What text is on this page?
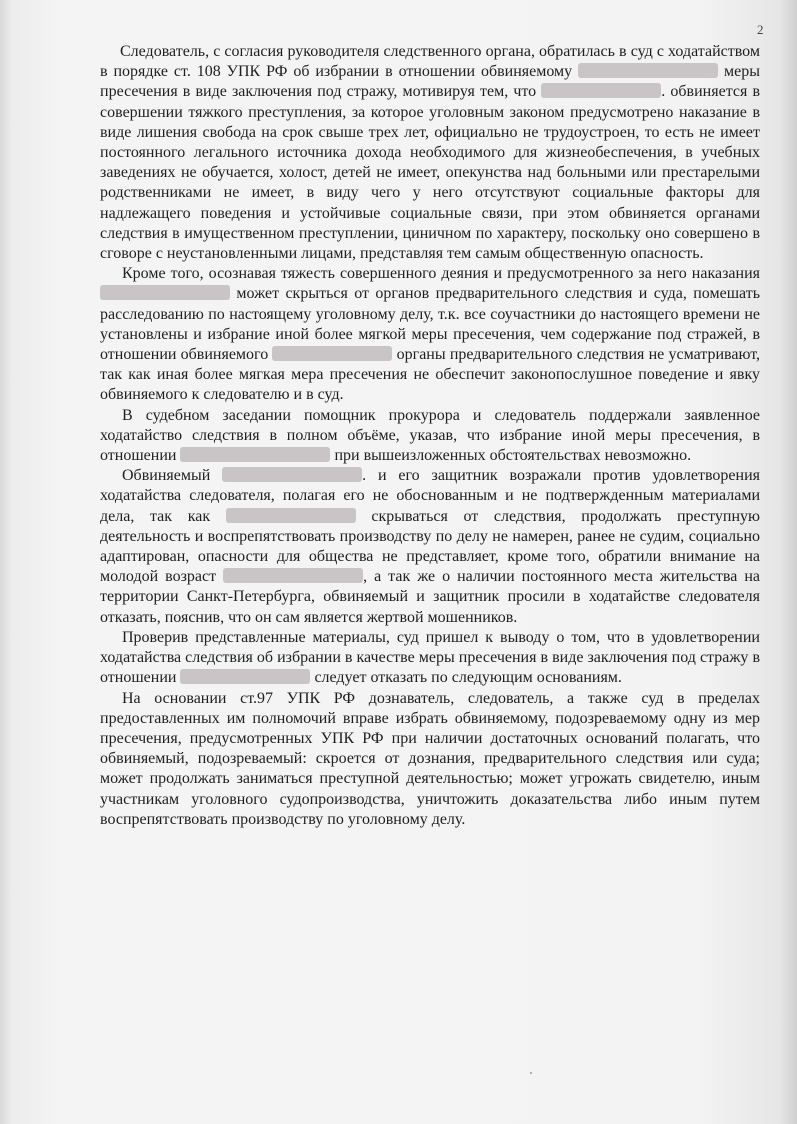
2

Следователь, с согласия руководителя следственного органа, обратилась в суд с ходатайством в порядке ст. 108 УПК РФ об избрании в отношении обвиняемому	меры пресечения в виде заключения под стражу, мотивируя тем, что	. обвиняется в совершении тяжкого преступления, за которое уголовным законом предусмотрено наказание в виде лишения свобода на срок свыше трех лет, официально не трудоустроен, то есть не имеет постоянного легального источника дохода необходимого для жизнеобеспечения, в учебных заведениях не обучается, холост, детей не имеет, опекунства над больными или престарелыми родственниками не имеет, в виду чего у него отсутствуют социальные факторы для надлежащего поведения и устойчивые социальные связи, при этом обвиняется органами следствия в имущественном преступлении, циничном по характеру, поскольку оно совершено в сговоре с неустановленными лицами, представляя тем самым общественную опасность.

Кроме того, осознавая тяжесть совершенного деяния и предусмотренного за него наказания  может скрыться от органов предварительного следствия и суда, помешать расследованию по настоящему уголовному делу, т.к. все соучастники до настоящего времени не установлены и избрание иной более мягкой меры пресечения, чем содержание под стражей, в отношении обвиняемого	органы предварительного следствия не усматривают, так как иная более мягкая мера пресечения не обеспечит законопослушное поведение и явку обвиняемого к следователю и в суд.

В судебном заседании помощник прокурора и следователь поддержали заявленное ходатайство следствия в полном объёме, указав, что избрание иной меры пресечения, в отношении	при вышеизложенных обстоятельствах невозможно.

Обвиняемый	. и его защитник возражали против удовлетворения ходатайства следователя, полагая его не обоснованным и не подтвержденным материалами дела, так как	скрываться от следствия, продолжать преступную деятельность и воспрепятствовать производству по делу не намерен, ранее не судим, социально адаптирован, опасности для общества не представляет, кроме того, обратили внимание на молодой возраст	, а так же о наличии постоянного места жительства на территории Санкт-Петербурга, обвиняемый и защитник просили в ходатайстве следователя отказать, пояснив, что он сам является жертвой мошенников.

Проверив представленные материалы, суд пришел к выводу о том, что в удовлетворении ходатайства следствия об избрании в качестве меры пресечения в виде заключения под стражу в отношении	следует отказать по следующим основаниям.

На основании ст.97 УПК РФ дознаватель, следователь, а также суд в пределах предоставленных им полномочий вправе избрать обвиняемому, подозреваемому одну из мер пресечения, предусмотренных УПК РФ при наличии достаточных оснований полагать, что обвиняемый, подозреваемый: скроется от дознания, предварительного следствия или суда; может продолжать заниматься преступной деятельностью; может угрожать свидетелю, иным участникам уголовного судопроизводства, уничтожить доказательства либо иным путем воспрепятствовать производству по уголовному делу.
